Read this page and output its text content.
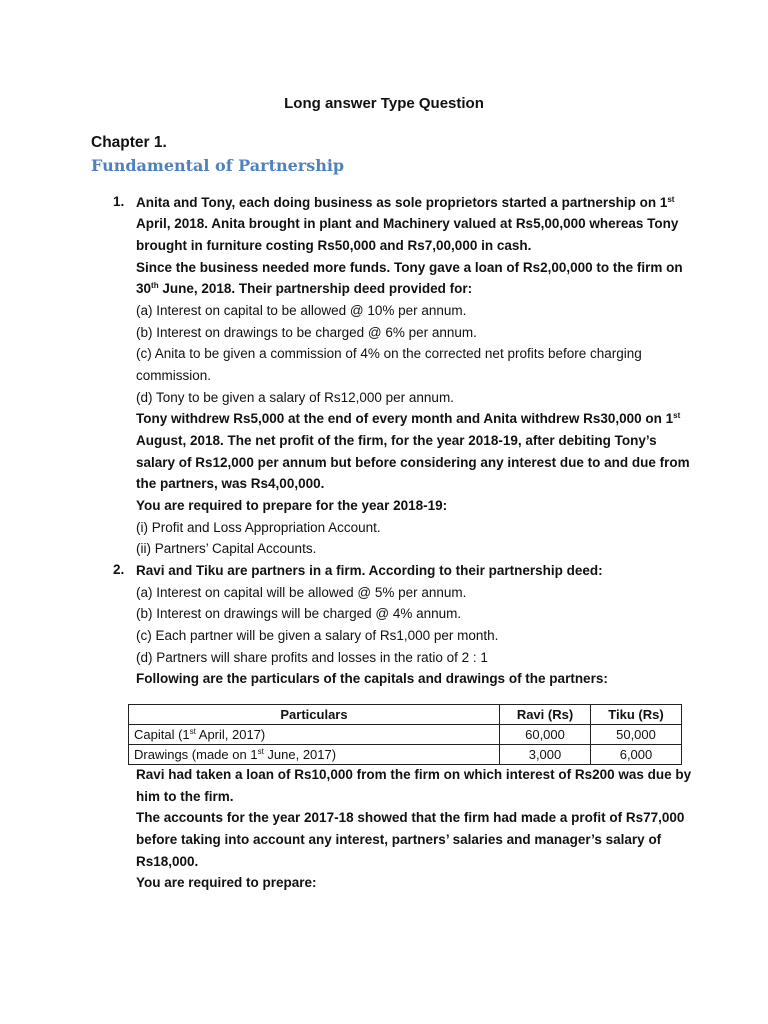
Long answer Type Question
Chapter 1.
Fundamental of Partnership
1. Anita and Tony, each doing business as sole proprietors started a partnership on 1st
April, 2018. Anita brought in plant and Machinery valued at Rs5,00,000 whereas Tony
brought in furniture costing Rs50,000 and Rs7,00,000 in cash.
Since the business needed more funds. Tony gave a loan of Rs2,00,000 to the firm on
30th June, 2018. Their partnership deed provided for:
(a) Interest on capital to be allowed @ 10% per annum.
(b) Interest on drawings to be charged @ 6% per annum.
(c) Anita to be given a commission of 4% on the corrected net profits before charging
commission.
(d) Tony to be given a salary of Rs12,000 per annum.
Tony withdrew Rs5,000 at the end of every month and Anita withdrew Rs30,000 on 1st
August, 2018. The net profit of the firm, for the year 2018-19, after debiting Tony’s
salary of Rs12,000 per annum but before considering any interest due to and due from
the partners, was Rs4,00,000.
You are required to prepare for the year 2018-19:
(i) Profit and Loss Appropriation Account.
(ii) Partners’ Capital Accounts.
2. Ravi and Tiku are partners in a firm. According to their partnership deed:
(a) Interest on capital will be allowed @ 5% per annum.
(b) Interest on drawings will be charged @ 4% annum.
(c) Each partner will be given a salary of Rs1,000 per month.
(d) Partners will share profits and losses in the ratio of 2 : 1
Following are the particulars of the capitals and drawings of the partners:
Particulars	Ravi (Rs)	Tiku (Rs)
Capital (1st April, 2017)	60,000	50,000
Drawings (made on 1st June, 2017)	3,000	6,000
Ravi had taken a loan of Rs10,000 from the firm on which interest of Rs200 was due by
him to the firm.
The accounts for the year 2017-18 showed that the firm had made a profit of Rs77,000
before taking into account any interest, partners’ salaries and manager’s salary of
Rs18,000.
You are required to prepare:
